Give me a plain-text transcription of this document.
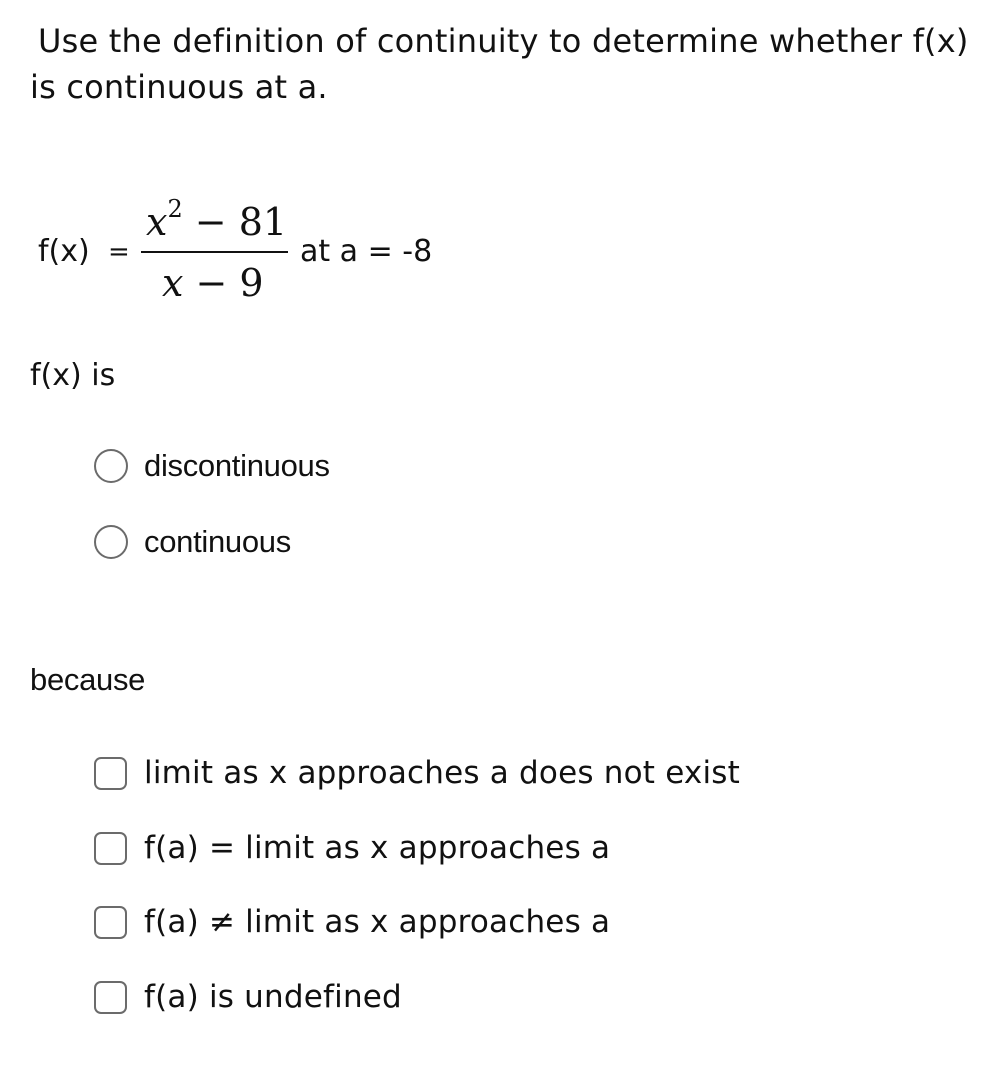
Use the definition of continuity to determine whether f(x)
is continuous at a.
f(x) =
$x^2 - 81$
x − 9
at a = -8
f(x) is
discontinuous
continuous
because
limit as x approaches a does not exist
f(a) = limit as x approaches a
f(a) ≠ limit as x approaches a
f(a) is undefined
